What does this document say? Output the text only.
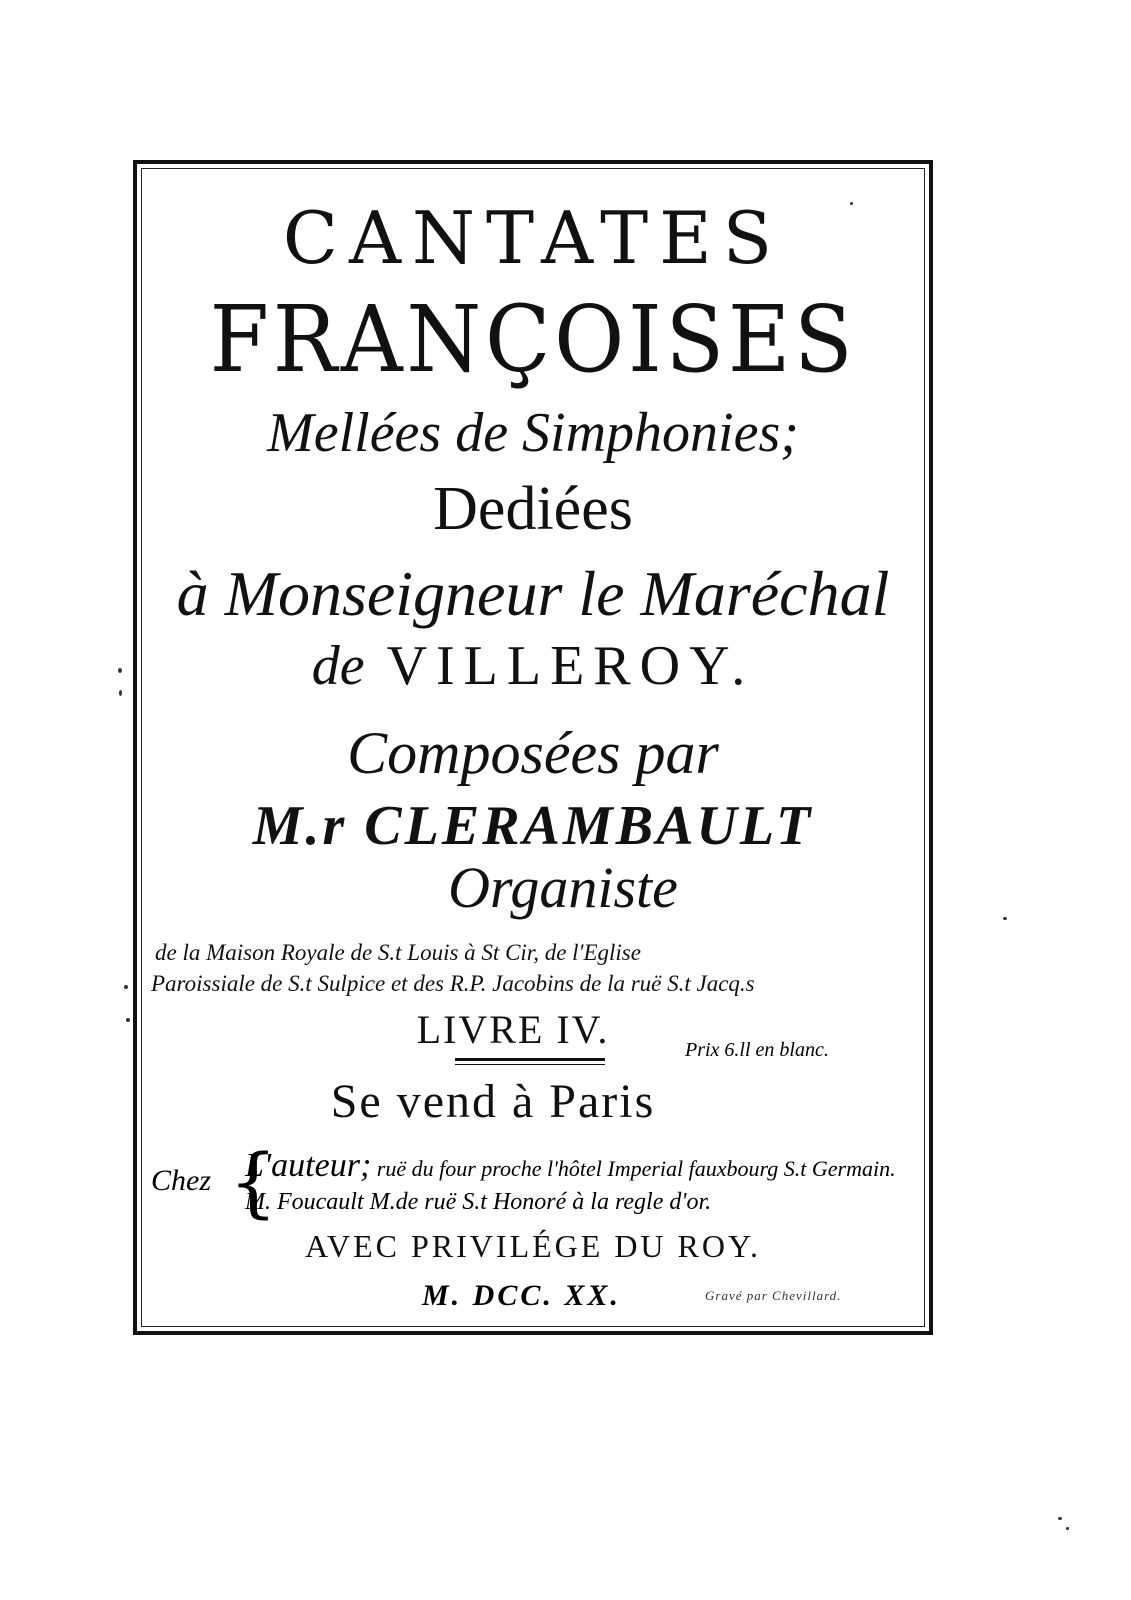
CANTATES

FRANÇOISES

Mellées de Simphonies;

Dediées

à Monseigneur le Maréchal

de VILLEROY.

Composées par

M.r CLERAMBAULT

Organiste

de la Maison Royale de S.t Louis à St Cir, de l'Eglise

Paroissiale de S.t Sulpice et des R.P. Jacobins de la ruë S.t Jacq.s

LIVRE IV.	Prix 6.ll en blanc.

Se vend à Paris

Chez {
L'auteur; ruë du four proche l'hôtel Imperial fauxbourg S.t Germain.
M. Foucault M.de ruë S.t Honoré à la regle d'or.

AVEC PRIVILÉGE DU ROY.

M. DCC. XX.	Gravé par Chevillard.
